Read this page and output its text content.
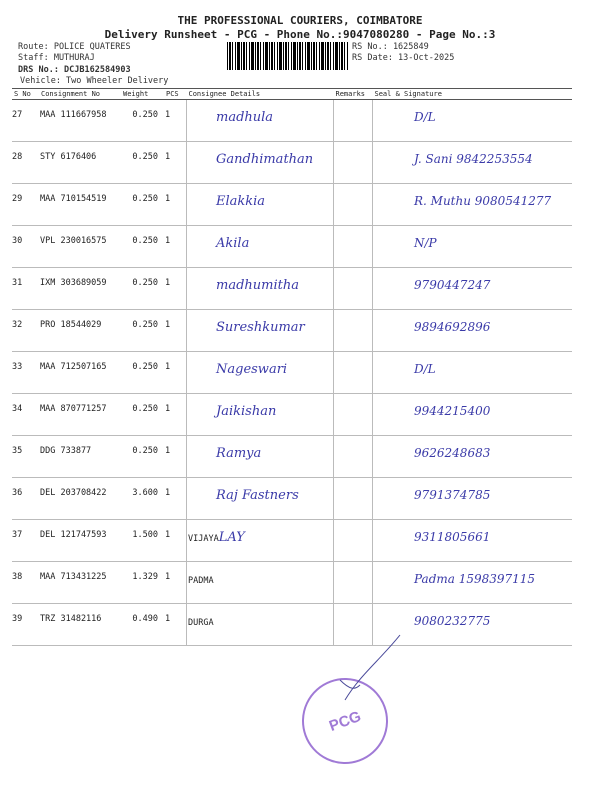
THE PROFESSIONAL COURIERS, COIMBATORE
Delivery Runsheet - PCG - Phone No.:9047080280 - Page No.:3
Route: POLICE QUATERES
Staff: MUTHURAJ
DRS No.: DCJB162584903
Vehicle: Two Wheeler Delivery
RS No.: 1625849
RS Date: 13-Oct-2025
S No	Consignment No	Weight	PCS	Consignee Details	Remarks	Seal & Signature
27	MAA 111667958	0.250	1	madhula		D/L
28	STY 6176406	0.250	1	Gandhimathan		J. Sani 9842253554
29	MAA 710154519	0.250	1	Elakkia		R. Muthu 9080541277
30	VPL 230016575	0.250	1	Akila		N/P
31	IXM 303689059	0.250	1	madhumitha		9790447247
32	PRO 18544029	0.250	1	Sureshkumar		9894692896
33	MAA 712507165	0.250	1	Nageswari		D/L
34	MAA 870771257	0.250	1	Jaikishan		9944215400
35	DDG 733877	0.250	1	Ramya		9626248683
36	DEL 203708422	3.600	1	Raj Fastners		9791374785
37	DEL 121747593	1.500	1	VIJAYALAY		9311805661
38	MAA 713431225	1.329	1	PADMA		Padma 1598397115
39	TRZ 31482116	0.490	1	DURGA		9080232775
PCG
